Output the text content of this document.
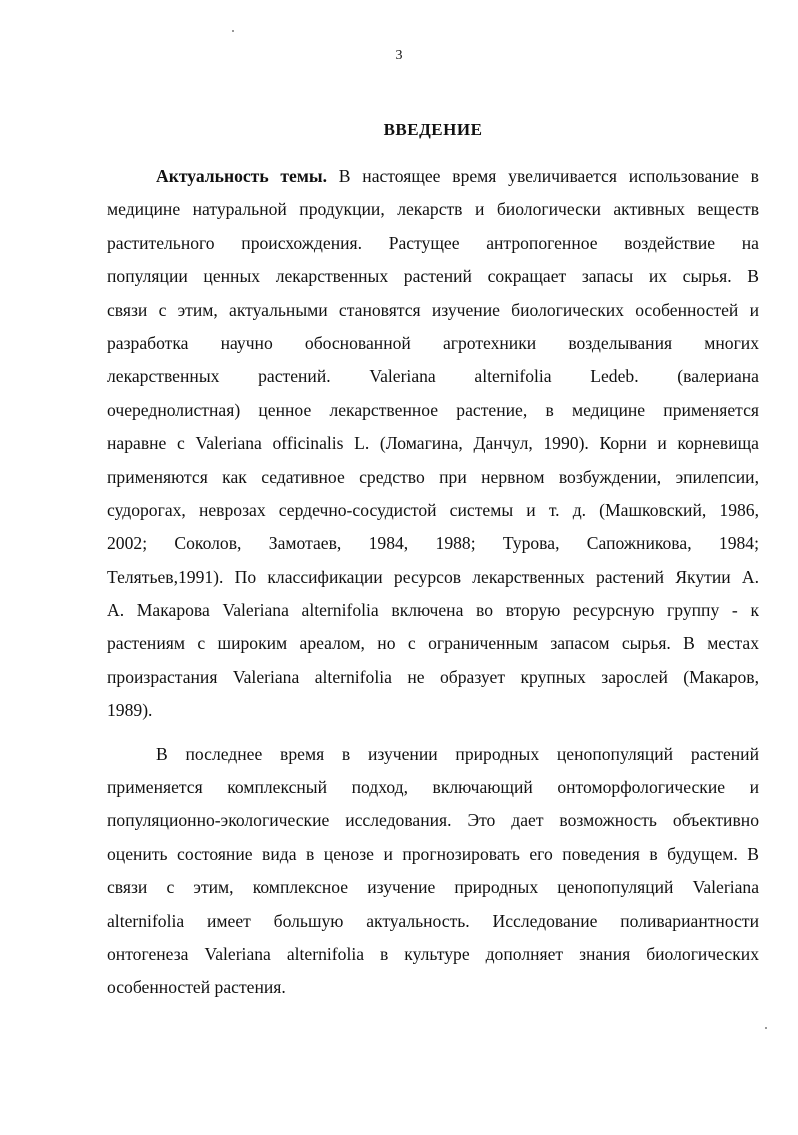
3
ВВЕДЕНИЕ
Актуальность темы. В настоящее время увеличивается использование в
медицине натуральной продукции, лекарств и биологически активных веществ
растительного происхождения. Растущее антропогенное воздействие на
популяции ценных лекарственных растений сокращает запасы их сырья. В
связи с этим, актуальными становятся изучение биологических особенностей и
разработка научно обоснованной агротехники возделывания многих
лекарственных растений. Valeriana alternifolia Ledeb. (валериана
очереднолистная) ценное лекарственное растение, в медицине применяется
наравне с Valeriana officinalis L. (Ломагина, Данчул, 1990). Корни и корневища
применяются как седативное средство при нервном возбуждении, эпилепсии,
судорогах, неврозах сердечно-сосудистой системы и т. д. (Машковский, 1986,
2002; Соколов, Замотаев, 1984, 1988; Турова, Сапожникова, 1984;
Телятьев,1991). По классификации ресурсов лекарственных растений Якутии А.
А. Макарова Valeriana alternifolia включена во вторую ресурсную группу - к
растениям с широким ареалом, но с ограниченным запасом сырья. В местах
произрастания Valeriana alternifolia не образует крупных зарослей (Макаров,
1989).
В последнее время в изучении природных ценопопуляций растений
применяется комплексный подход, включающий онтоморфологические и
популяционно-экологические исследования. Это дает возможность объективно
оценить состояние вида в ценозе и прогнозировать его поведения в будущем. В
связи с этим, комплексное изучение природных ценопопуляций Valeriana
alternifolia имеет большую актуальность. Исследование поливариантности
онтогенеза Valeriana alternifolia в культуре дополняет знания биологических
особенностей растения.
